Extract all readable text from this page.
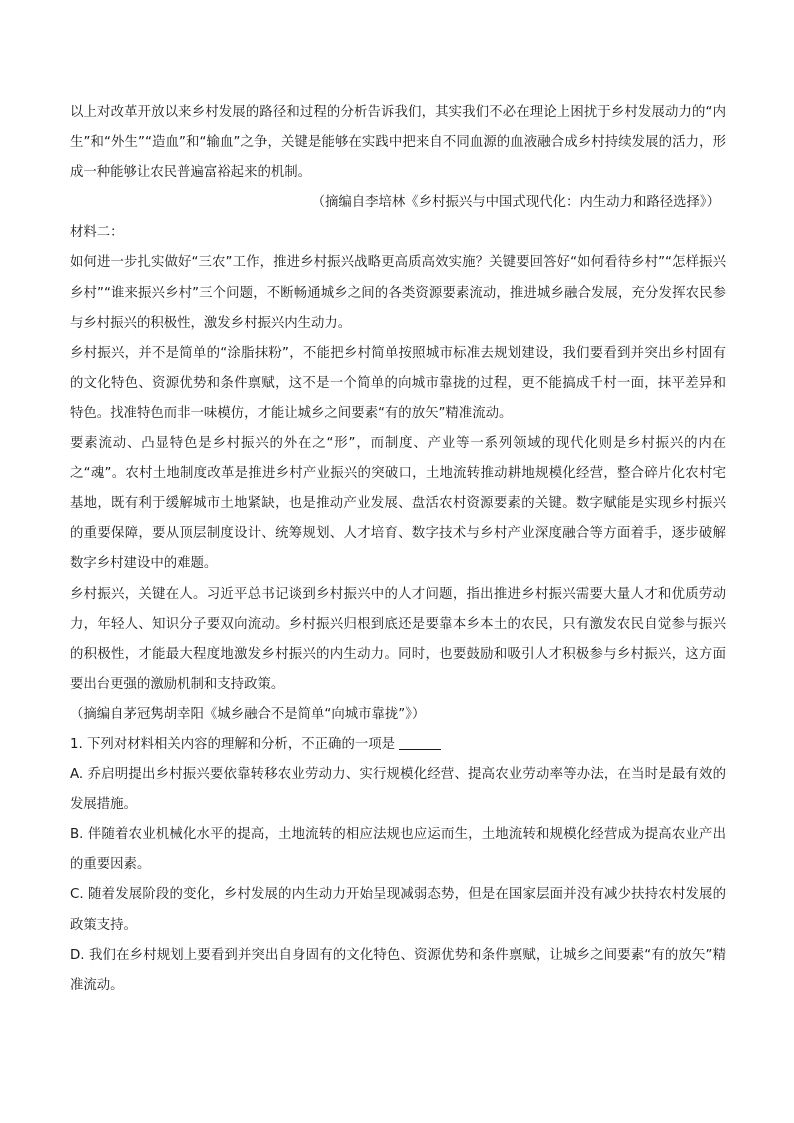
以上对改革开放以来乡村发展的路径和过程的分析告诉我们，其实我们不必在理论上困扰于乡村发展动力的“内生”和“外生”“造血”和“输血”之争，关键是能够在实践中把来自不同血源的血液融合成乡村持续发展的活力，形成一种能够让农民普遍富裕起来的机制。

（摘编自李培林《乡村振兴与中国式现代化：内生动力和路径选择》）

材料二：

如何进一步扎实做好“三农”工作，推进乡村振兴战略更高质高效实施？关键要回答好“如何看待乡村”“怎样振兴乡村”“谁来振兴乡村”三个问题，不断畅通城乡之间的各类资源要素流动，推进城乡融合发展，充分发挥农民参与乡村振兴的积极性，激发乡村振兴内生动力。

乡村振兴，并不是简单的“涂脂抹粉”，不能把乡村简单按照城市标准去规划建设，我们要看到并突出乡村固有的文化特色、资源优势和条件禀赋，这不是一个简单的向城市靠拢的过程，更不能搞成千村一面，抹平差异和特色。找准特色而非一味模仿，才能让城乡之间要素“有的放矢”精准流动。

要素流动、凸显特色是乡村振兴的外在之“形”，而制度、产业等一系列领域的现代化则是乡村振兴的内在之“魂”。农村土地制度改革是推进乡村产业振兴的突破口，土地流转推动耕地规模化经营，整合碎片化农村宅基地，既有利于缓解城市土地紧缺，也是推动产业发展、盘活农村资源要素的关键。数字赋能是实现乡村振兴的重要保障，要从顶层制度设计、统筹规划、人才培育、数字技术与乡村产业深度融合等方面着手，逐步破解数字乡村建设中的难题。

乡村振兴，关键在人。习近平总书记谈到乡村振兴中的人才问题，指出推进乡村振兴需要大量人才和优质劳动力，年轻人、知识分子要双向流动。乡村振兴归根到底还是要靠本乡本土的农民，只有激发农民自觉参与振兴的积极性，才能最大程度地激发乡村振兴的内生动力。同时，也要鼓励和吸引人才积极参与乡村振兴，这方面要出台更强的激励机制和支持政策。

（摘编自茅冠隽胡幸阳《城乡融合不是简单“向城市靠拢”》）

1. 下列对材料相关内容的理解和分析，不正确的一项是

A. 乔启明提出乡村振兴要依靠转移农业劳动力、实行规模化经营、提高农业劳动率等办法，在当时是最有效的发展措施。

B. 伴随着农业机械化水平的提高，土地流转的相应法规也应运而生，土地流转和规模化经营成为提高农业产出的重要因素。

C. 随着发展阶段的变化，乡村发展的内生动力开始呈现减弱态势，但是在国家层面并没有减少扶持农村发展的政策支持。

D. 我们在乡村规划上要看到并突出自身固有的文化特色、资源优势和条件禀赋，让城乡之间要素“有的放矢”精准流动。
